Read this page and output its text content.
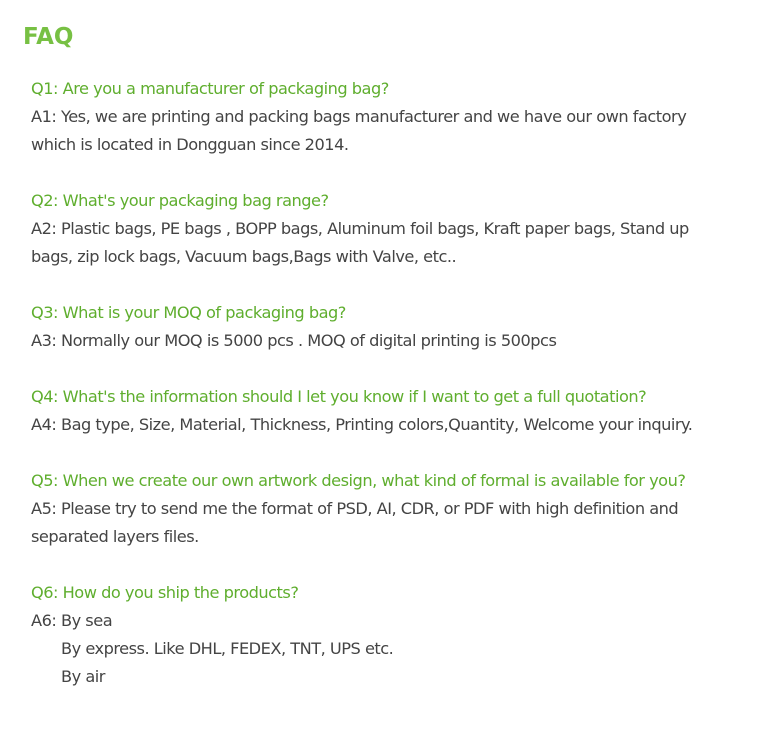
FAQ
Q1: Are you a manufacturer of packaging bag?
A1: Yes, we are printing and packing bags manufacturer and we have our own factory
which is located in Dongguan since 2014.
Q2: What's your packaging bag range?
A2: Plastic bags, PE bags , BOPP bags, Aluminum foil bags, Kraft paper bags, Stand up
bags, zip lock bags, Vacuum bags,Bags with Valve, etc..
Q3: What is your MOQ of packaging bag?
A3: Normally our MOQ is 5000 pcs . MOQ of digital printing is 500pcs
Q4: What's the information should I let you know if I want to get a full quotation?
A4: Bag type, Size, Material, Thickness, Printing colors,Quantity, Welcome your inquiry.
Q5: When we create our own artwork design, what kind of formal is available for you?
A5: Please try to send me the format of PSD, AI, CDR, or PDF with high definition and
separated layers files.
Q6: How do you ship the products?
A6: By sea
By express. Like DHL, FEDEX, TNT, UPS etc.
By air
